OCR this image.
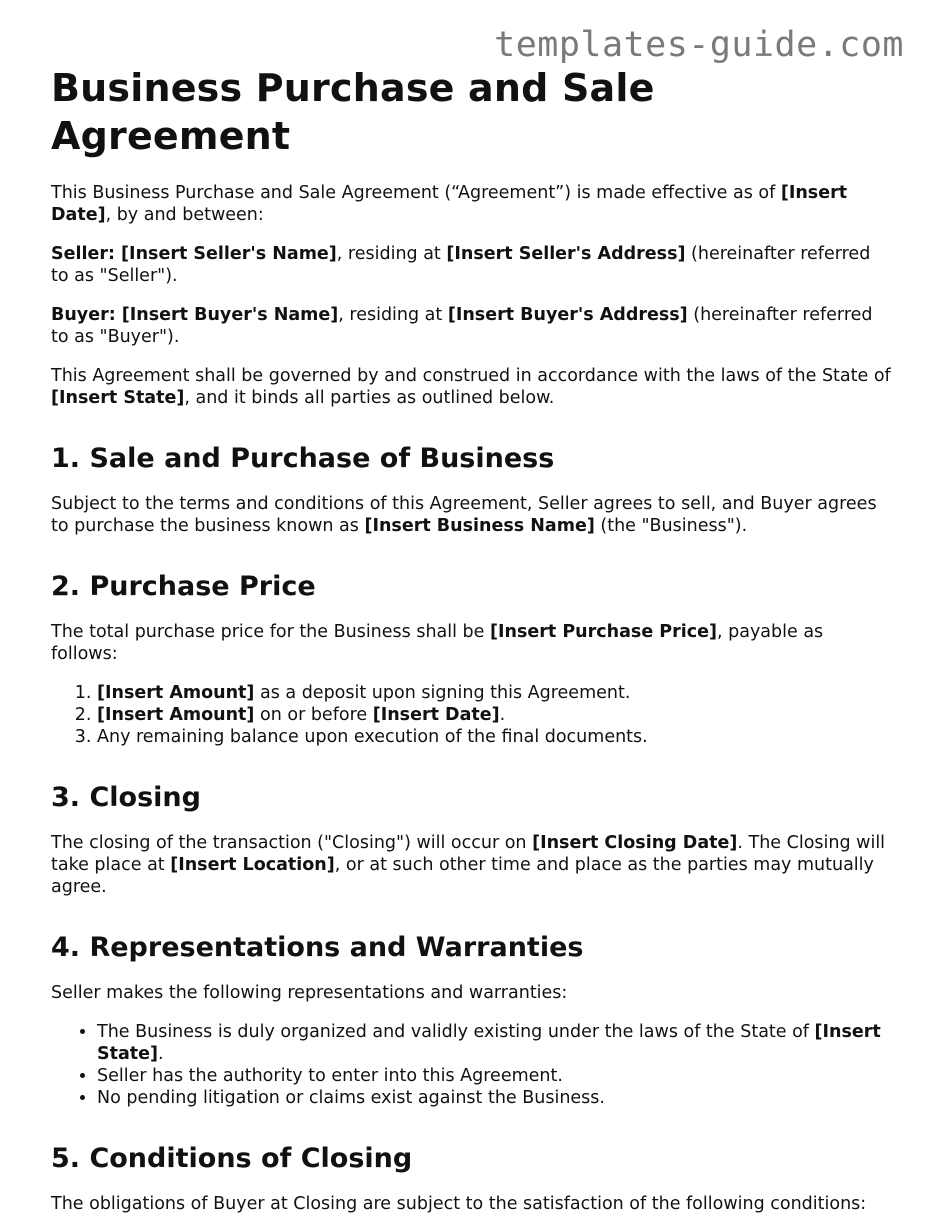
templates-guide.com
Business Purchase and Sale Agreement

This Business Purchase and Sale Agreement (“Agreement”) is made effective as of [Insert Date], by and between:

Seller: [Insert Seller's Name], residing at [Insert Seller's Address] (hereinafter referred to as "Seller").

Buyer: [Insert Buyer's Name], residing at [Insert Buyer's Address] (hereinafter referred to as "Buyer").

This Agreement shall be governed by and construed in accordance with the laws of the State of [Insert State], and it binds all parties as outlined below.

1. Sale and Purchase of Business

Subject to the terms and conditions of this Agreement, Seller agrees to sell, and Buyer agrees to purchase the business known as [Insert Business Name] (the "Business").

2. Purchase Price

The total purchase price for the Business shall be [Insert Purchase Price], payable as follows:

1. [Insert Amount] as a deposit upon signing this Agreement.
2. [Insert Amount] on or before [Insert Date].
3. Any remaining balance upon execution of the final documents.
3. Closing

The closing of the transaction ("Closing") will occur on [Insert Closing Date]. The Closing will take place at [Insert Location], or at such other time and place as the parties may mutually agree.

4. Representations and Warranties

Seller makes the following representations and warranties:

• The Business is duly organized and validly existing under the laws of the State of [Insert State].
• Seller has the authority to enter into this Agreement.
• No pending litigation or claims exist against the Business.
5. Conditions of Closing

The obligations of Buyer at Closing are subject to the satisfaction of the following conditions:
